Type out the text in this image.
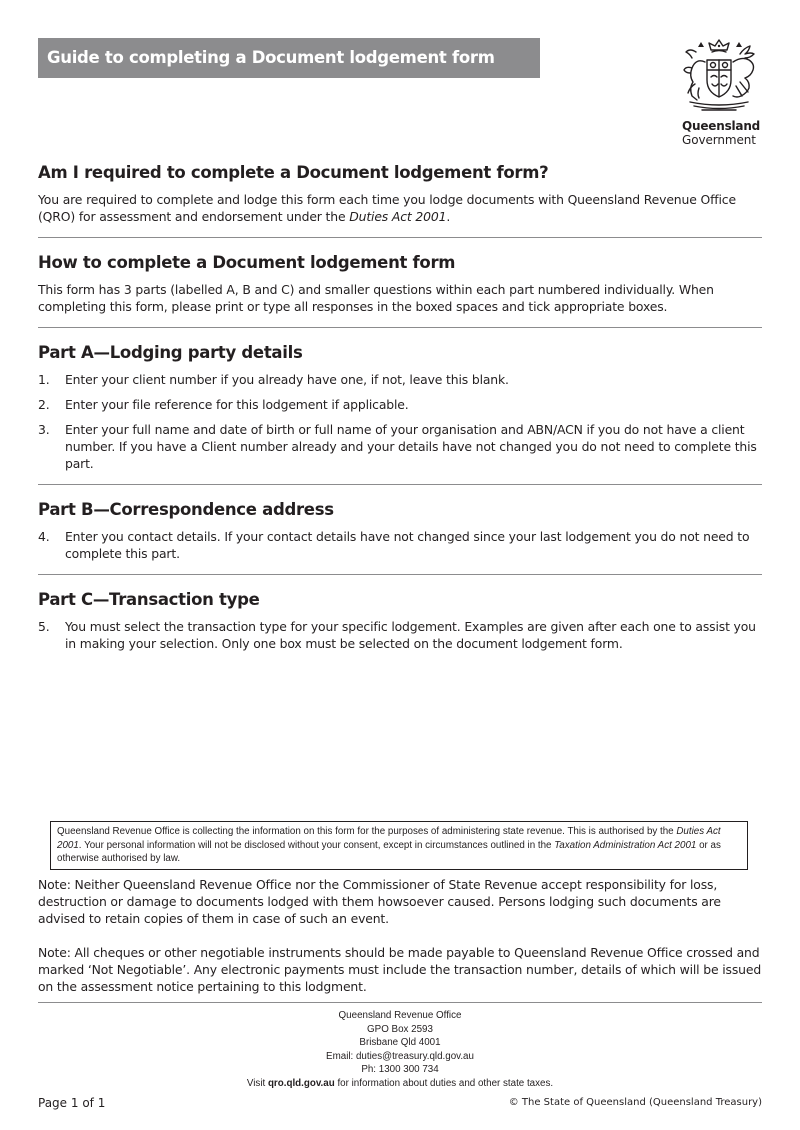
Guide to completing a Document lodgement form
Queensland
Government
Am I required to complete a Document lodgement form?

You are required to complete and lodge this form each time you lodge documents with Queensland Revenue Office (QRO) for assessment and endorsement under the Duties Act 2001.

How to complete a Document lodgement form

This form has 3 parts (labelled A, B and C) and smaller questions within each part numbered individually. When completing this form, please print or type all responses in the boxed spaces and tick appropriate boxes.

Part A—Lodging party details
1. Enter your client number if you already have one, if not, leave this blank.
2. Enter your file reference for this lodgement if applicable.
3. Enter your full name and date of birth or full name of your organisation and ABN/ACN if you do not have a client number. If you have a Client number already and your details have not changed you do not need to complete this part.
Part B—Correspondence address
4. Enter you contact details. If your contact details have not changed since your last lodgement you do not need to complete this part.
Part C—Transaction type
5. You must select the transaction type for your specific lodgement. Examples are given after each one to assist you in making your selection. Only one box must be selected on the document lodgement form.
Queensland Revenue Office is collecting the information on this form for the purposes of administering state revenue. This is authorised by the Duties Act 2001. Your personal information will not be disclosed without your consent, except in circumstances outlined in the Taxation Administration Act 2001 or as otherwise authorised by law.

Note: Neither Queensland Revenue Office nor the Commissioner of State Revenue accept responsibility for loss, destruction or damage to documents lodged with them howsoever caused. Persons lodging such documents are advised to retain copies of them in case of such an event.

Note: All cheques or other negotiable instruments should be made payable to Queensland Revenue Office crossed and marked ‘Not Negotiable’. Any electronic payments must include the transaction number, details of which will be issued on the assessment notice pertaining to this lodgment.

Queensland Revenue Office
GPO Box 2593
Brisbane Qld 4001
Email: duties@treasury.qld.gov.au
Ph: 1300 300 734
Visit qro.qld.gov.au for information about duties and other state taxes.
Page 1 of 1	© The State of Queensland (Queensland Treasury)
